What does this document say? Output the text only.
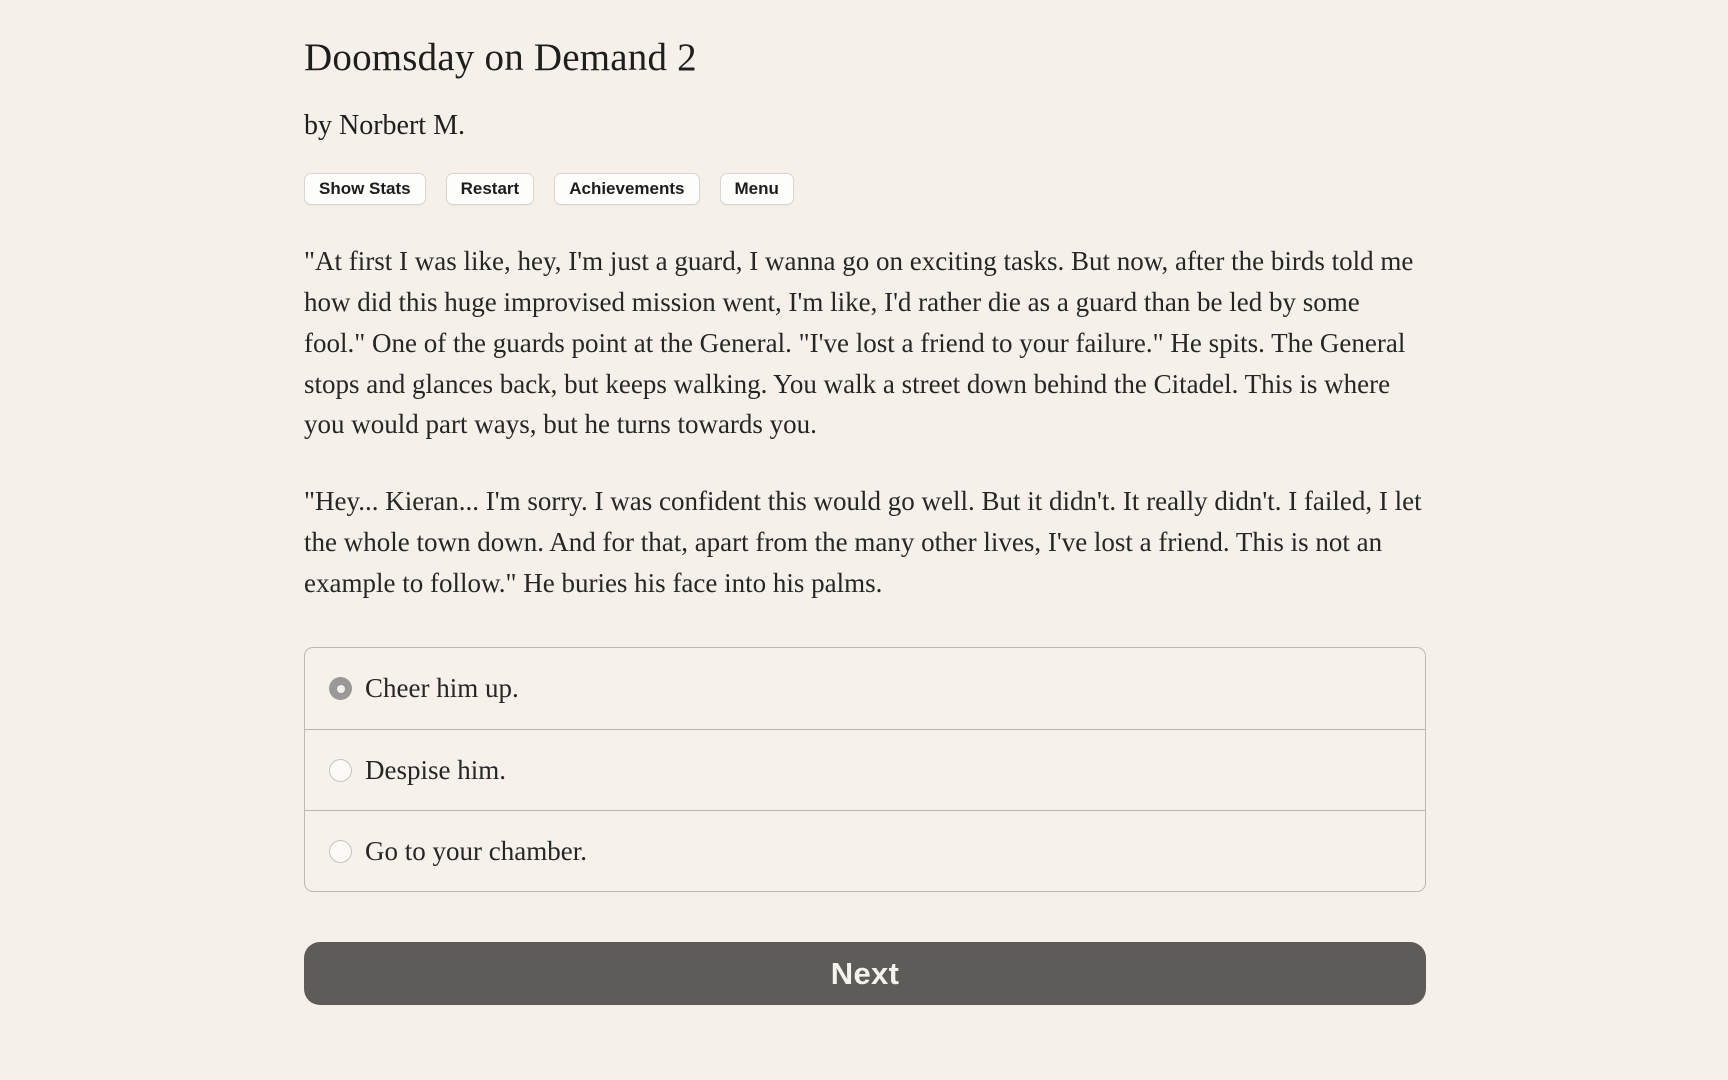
Doomsday on Demand 2
by Norbert M.
Show Stats	Restart	Achievements	Menu

"At first I was like, hey, I'm just a guard, I wanna go on exciting tasks. But now, after the birds told me how did this huge improvised mission went, I'm like, I'd rather die as a guard than be led by some fool." One of the guards point at the General. "I've lost a friend to your failure." He spits. The General stops and glances back, but keeps walking. You walk a street down behind the Citadel. This is where you would part ways, but he turns towards you.

"Hey... Kieran... I'm sorry. I was confident this would go well. But it didn't. It really didn't. I failed, I let the whole town down. And for that, apart from the many other lives, I've lost a friend. This is not an example to follow." He buries his face into his palms.

Cheer him up.
Despise him.
Go to your chamber.
Next
